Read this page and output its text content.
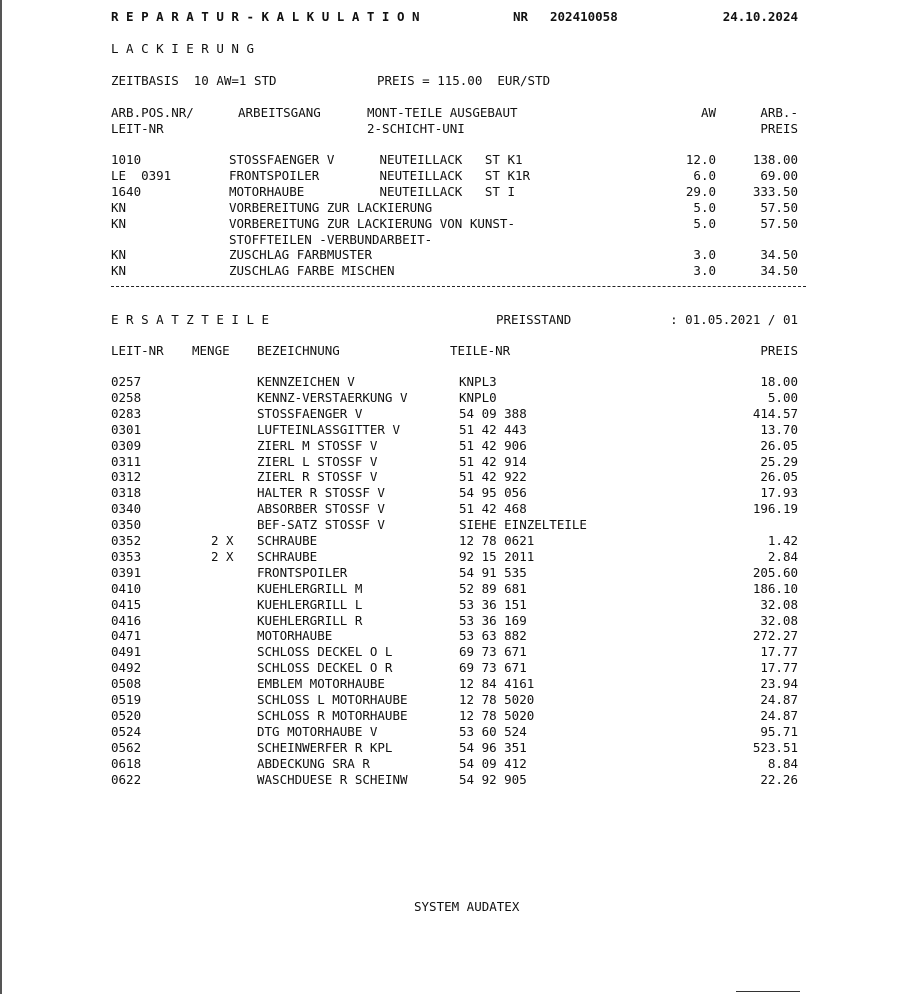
R E P A R A T U R - K A L K U L A T I O N	NR 202410058	24.10.2024
L A C K I E R U N G
ZEITBASIS  10 AW=1 STD	PREIS = 115.00  EUR/STD
ARB.POS.NR/	ARBEITSGANG	MONT-TEILE AUSGEBAUT	AW	ARB.-
LEIT-NR	2-SCHICHT-UNI	PREIS
1010	STOSSFAENGER V      NEUTEILLACK   ST K1	12.0	138.00
LE  0391	FRONTSPOILER        NEUTEILLACK   ST K1R	6.0	69.00
1640	MOTORHAUBE          NEUTEILLACK   ST I	29.0	333.50
KN	VORBEREITUNG ZUR LACKIERUNG	5.0	57.50
KN	VORBEREITUNG ZUR LACKIERUNG VON KUNST-	5.0	57.50
STOFFTEILEN -VERBUNDARBEIT-
KN	ZUSCHLAG FARBMUSTER	3.0	34.50
KN	ZUSCHLAG FARBE MISCHEN	3.0	34.50
E R S A T Z T E I L E	PREISSTAND	: 01.05.2021 / 01
LEIT-NR MENGE BEZEICHNUNG	TEILE-NR	PREIS
0257	KENNZEICHEN V	KNPL3	18.00
0258	KENNZ-VERSTAERKUNG V	KNPL0	5.00
0283	STOSSFAENGER V	54 09 388	414.57
0301	LUFTEINLASSGITTER V	51 42 443	13.70
0309	ZIERL M STOSSF V	51 42 906	26.05
0311	ZIERL L STOSSF V	51 42 914	25.29
0312	ZIERL R STOSSF V	51 42 922	26.05
0318	HALTER R STOSSF V	54 95 056	17.93
0340	ABSORBER STOSSF V	51 42 468	196.19
0350	BEF-SATZ STOSSF V	SIEHE EINZELTEILE
0352	2 X SCHRAUBE	12 78 0621	1.42
0353	2 X SCHRAUBE	92 15 2011	2.84
0391	FRONTSPOILER	54 91 535	205.60
0410	KUEHLERGRILL M	52 89 681	186.10
0415	KUEHLERGRILL L	53 36 151	32.08
0416	KUEHLERGRILL R	53 36 169	32.08
0471	MOTORHAUBE	53 63 882	272.27
0491	SCHLOSS DECKEL O L	69 73 671	17.77
0492	SCHLOSS DECKEL O R	69 73 671	17.77
0508	EMBLEM MOTORHAUBE	12 84 4161	23.94
0519	SCHLOSS L MOTORHAUBE	12 78 5020	24.87
0520	SCHLOSS R MOTORHAUBE	12 78 5020	24.87
0524	DTG MOTORHAUBE V	53 60 524	95.71
0562	SCHEINWERFER R KPL	54 96 351	523.51
0618	ABDECKUNG SRA R	54 09 412	8.84
0622	WASCHDUESE R SCHEINW	54 92 905	22.26
SYSTEM AUDATEX
